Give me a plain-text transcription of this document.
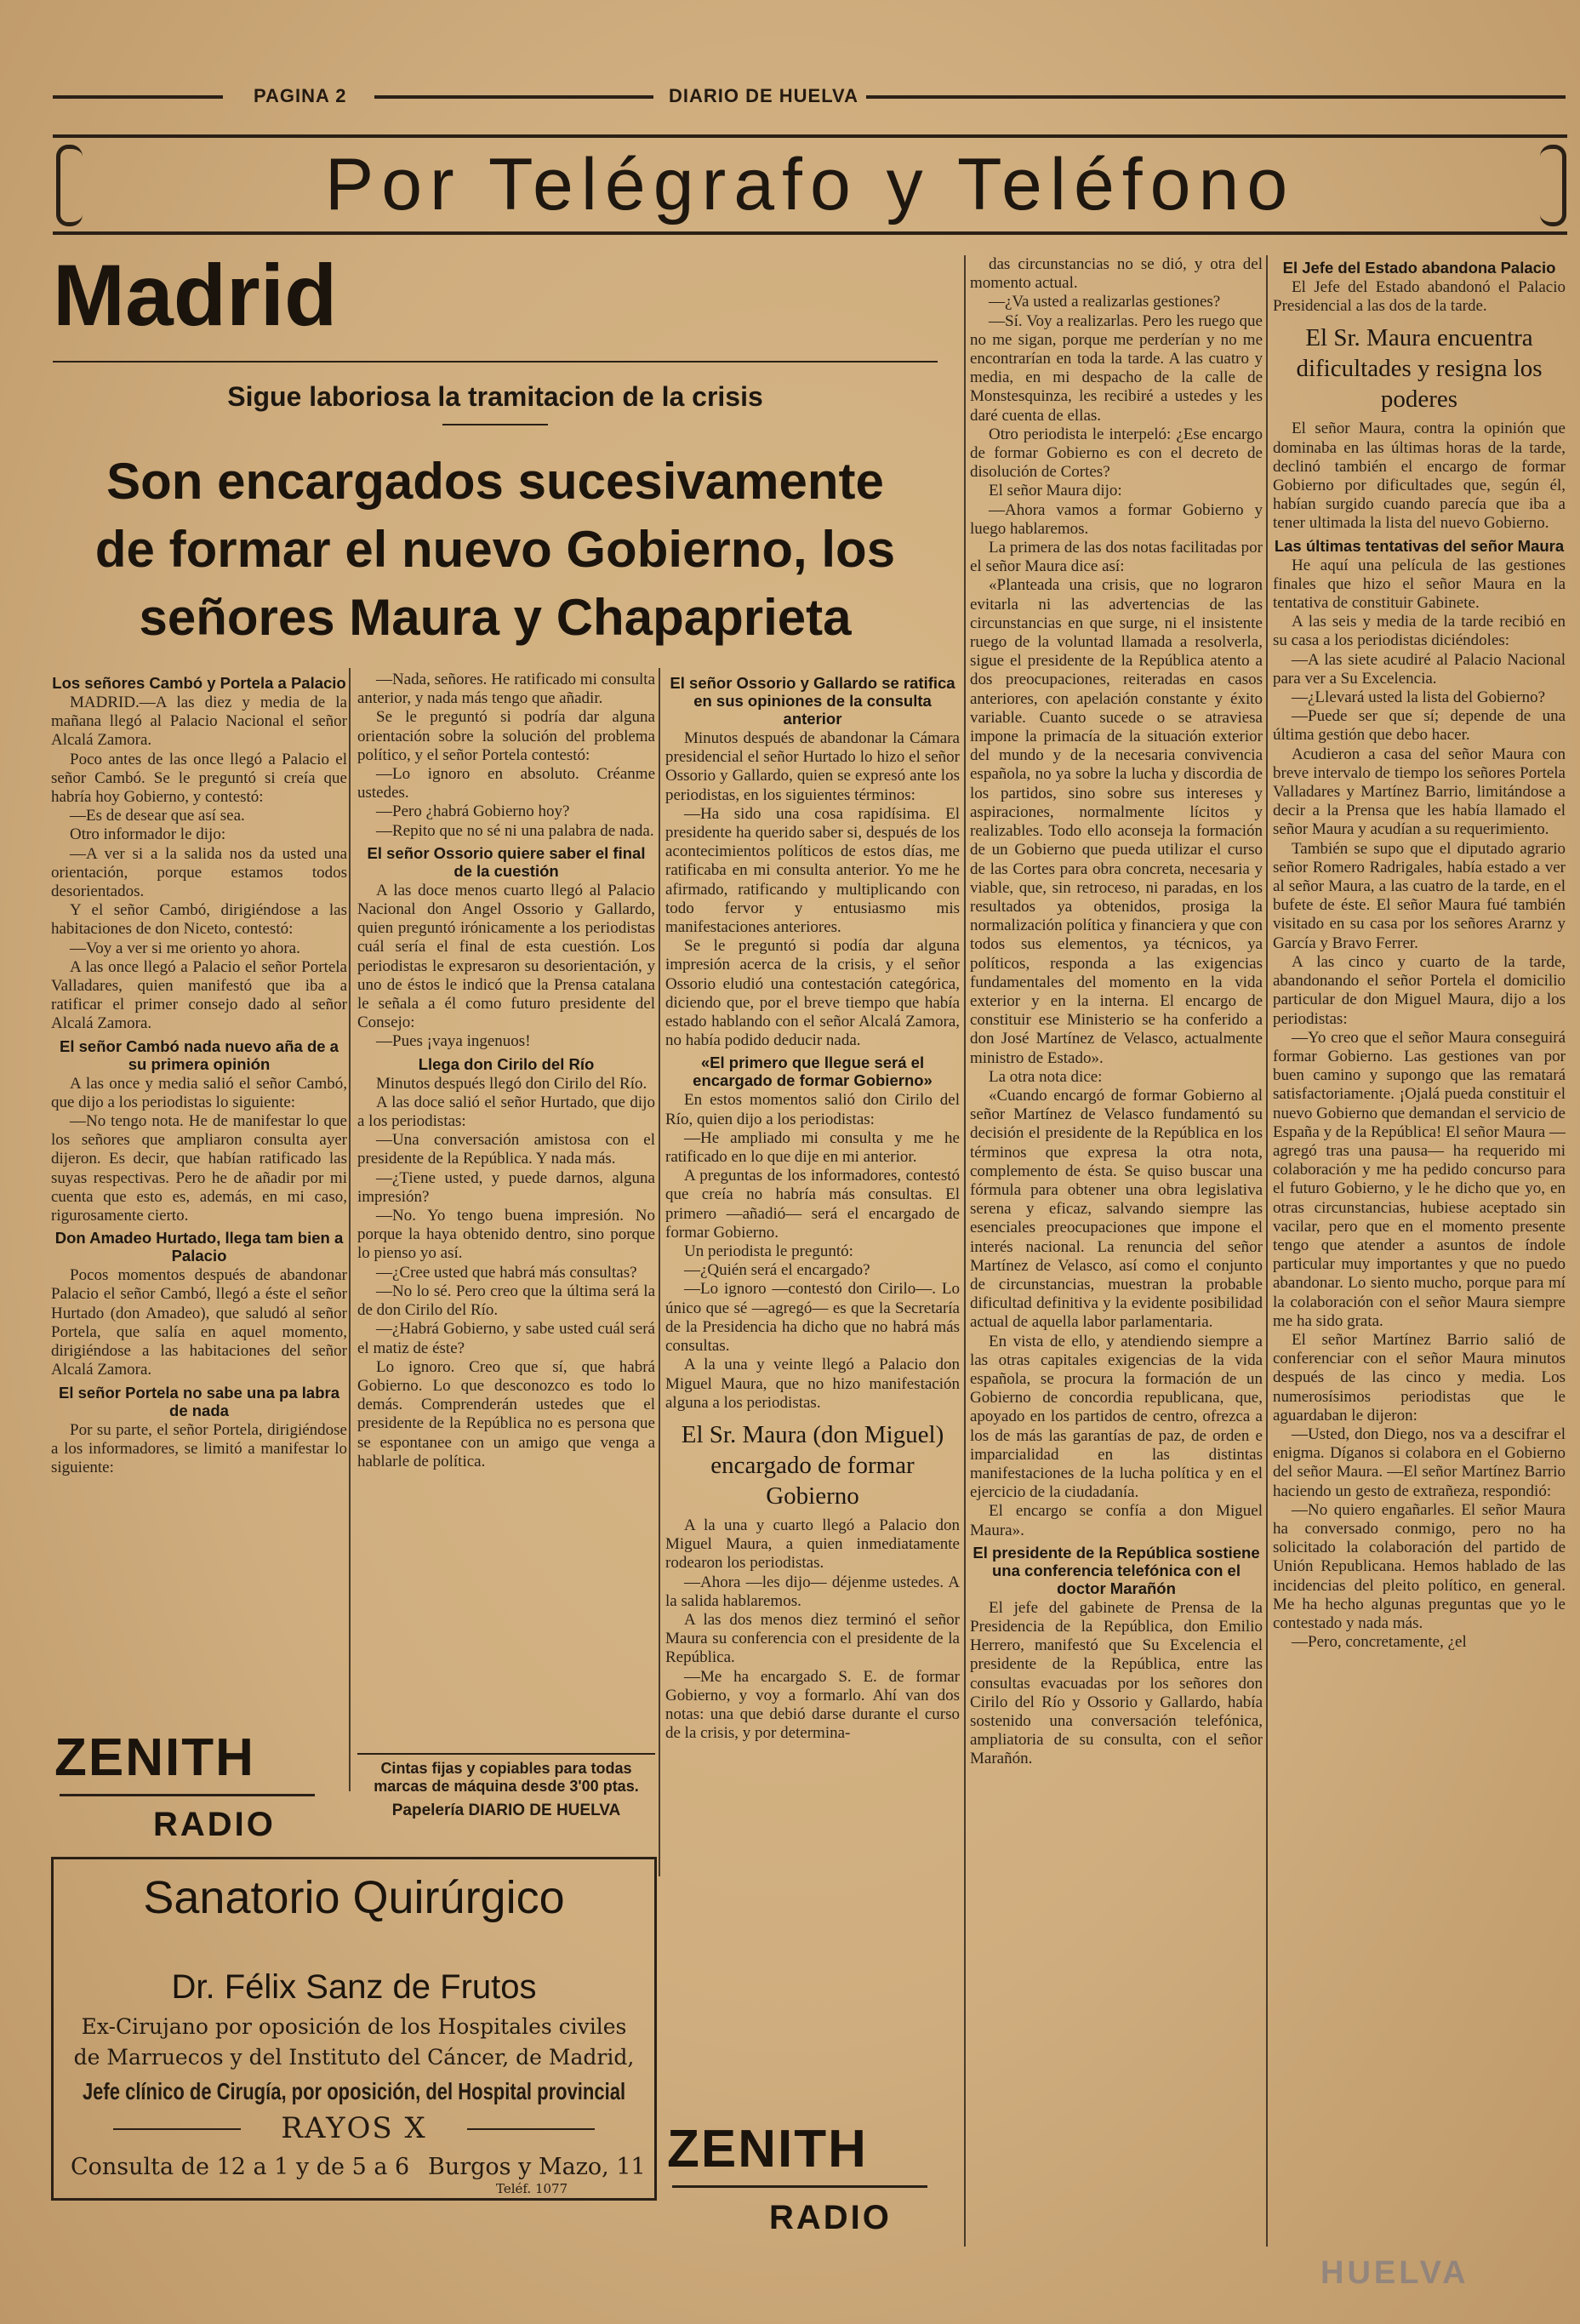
PAGINA 2	DIARIO DE HUELVA
Por Telégrafo y Teléfono
Madrid
Sigue laboriosa la tramitacion de la crisis
Son encargados sucesivamente
de formar el nuevo Gobierno, los
señores Maura y Chapaprieta
Los señores Cambó y Portela a Palacio

MADRID.—A las diez y media de la mañana llegó al Palacio Nacional el señor Alcalá Zamora.

Poco antes de las once llegó a Palacio el señor Cambó. Se le preguntó si creía que habría hoy Gobierno, y contestó:

—Es de desear que así sea.

Otro informador le dijo:

—A ver si a la salida nos da usted una orientación, porque estamos todos desorientados.

Y el señor Cambó, dirigiéndose a las habitaciones de don Niceto, contestó:

—Voy a ver si me oriento yo ahora.

A las once llegó a Palacio el señor Portela Valladares, quien manifestó que iba a ratificar el primer consejo dado al señor Alcalá Zamora.

El señor Cambó nada nuevo aña de a su primera opinión

A las once y media salió el señor Cambó, que dijo a los periodistas lo siguiente:

—No tengo nota. He de manifestar lo que los señores que ampliaron consulta ayer dijeron. Es decir, que habían ratificado las suyas respectivas. Pero he de añadir por mi cuenta que esto es, además, en mi caso, rigurosamente cierto.

Don Amadeo Hurtado, llega tam bien a Palacio

Pocos momentos después de abandonar Palacio el señor Cambó, llegó a éste el señor Hurtado (don Amadeo), que saludó al señor Portela, que salía en aquel momento, dirigiéndose a las habitaciones del señor Alcalá Zamora.

El señor Portela no sabe una pa labra de nada

Por su parte, el señor Portela, dirigiéndose a los informadores, se limitó a manifestar lo siguiente:

—Nada, señores. He ratificado mi consulta anterior, y nada más tengo que añadir.

Se le preguntó si podría dar alguna orientación sobre la solución del problema político, y el señor Portela contestó:

—Lo ignoro en absoluto. Créanme ustedes.

—Pero ¿habrá Gobierno hoy?

—Repito que no sé ni una palabra de nada.

El señor Ossorio quiere saber el final de la cuestión

A las doce menos cuarto llegó al Palacio Nacional don Angel Ossorio y Gallardo, quien preguntó irónicamente a los periodistas cuál sería el final de esta cuestión. Los periodistas le expresaron su desorientación, y uno de éstos le indicó que la Prensa catalana le señala a él como futuro presidente del Consejo:

—Pues ¡vaya ingenuos!

Llega don Cirilo del Río

Minutos después llegó don Cirilo del Río.

A las doce salió el señor Hurtado, que dijo a los periodistas:

—Una conversación amistosa con el presidente de la República. Y nada más.

—¿Tiene usted, y puede darnos, alguna impresión?

—No. Yo tengo buena impresión. No porque la haya obtenido dentro, sino porque lo pienso yo así.

—¿Cree usted que habrá más consultas?

—No lo sé. Pero creo que la última será la de don Cirilo del Río.

—¿Habrá Gobierno, y sabe usted cuál será el matiz de éste?

Lo ignoro. Creo que sí, que habrá Gobierno. Lo que desconozco es todo lo demás. Comprenderán ustedes que el presidente de la República no es persona que se espontanee con un amigo que venga a hablarle de política.

El señor Ossorio y Gallardo se ratifica en sus opiniones de la consulta anterior

Minutos después de abandonar la Cámara presidencial el señor Hurtado lo hizo el señor Ossorio y Gallardo, quien se expresó ante los periodistas, en los siguientes términos:

—Ha sido una cosa rapidísima. El presidente ha querido saber si, después de los acontecimientos políticos de estos días, me ratificaba en mi consulta anterior. Yo me he afirmado, ratificando y multiplicando con todo fervor y entusiasmo mis manifestaciones anteriores.

Se le preguntó si podía dar alguna impresión acerca de la crisis, y el señor Ossorio eludió una contestación categórica, diciendo que, por el breve tiempo que había estado hablando con el señor Alcalá Zamora, no había podido deducir nada.

«El primero que llegue será el encargado de formar Gobierno»

En estos momentos salió don Cirilo del Río, quien dijo a los periodistas:

—He ampliado mi consulta y me he ratificado en lo que dije en mi anterior.

A preguntas de los informadores, contestó que creía no habría más consultas. El primero —añadió— será el encargado de formar Gobierno.

Un periodista le preguntó:

—¿Quién será el encargado?

—Lo ignoro —contestó don Cirilo—. Lo único que sé —agregó— es que la Secretaría de la Presidencia ha dicho que no habrá más consultas.

A la una y veinte llegó a Palacio don Miguel Maura, que no hizo manifestación alguna a los periodistas.

El Sr. Maura (don Miguel) encargado de formar Gobierno

A la una y cuarto llegó a Palacio don Miguel Maura, a quien inmediatamente rodearon los periodistas.

—Ahora —les dijo— déjenme ustedes. A la salida hablaremos.

A las dos menos diez terminó el señor Maura su conferencia con el presidente de la República.

—Me ha encargado S. E. de formar Gobierno, y voy a formarlo. Ahí van dos notas: una que debió darse durante el curso de la crisis, y por determina-

das circunstancias no se dió, y otra del momento actual.

—¿Va usted a realizarlas gestiones?

—Sí. Voy a realizarlas. Pero les ruego que no me sigan, porque me perderían y no me encontrarían en toda la tarde. A las cuatro y media, en mi despacho de la calle de Monstesquinza, les recibiré a ustedes y les daré cuenta de ellas.

Otro periodista le interpeló: ¿Ese encargo de formar Gobierno es con el decreto de disolución de Cortes?

El señor Maura dijo:

—Ahora vamos a formar Gobierno y luego hablaremos.

La primera de las dos notas facilitadas por el señor Maura dice así:

«Planteada una crisis, que no lograron evitarla ni las advertencias de las circunstancias en que surge, ni el insistente ruego de la voluntad llamada a resolverla, sigue el presidente de la República atento a dos preocupaciones, reiteradas en casos anteriores, con apelación constante y éxito variable. Cuanto sucede o se atraviesa impone la primacía de la situación exterior del mundo y de la necesaria convivencia española, no ya sobre la lucha y discordia de los partidos, sino sobre sus intereses y aspiraciones, normalmente lícitos y realizables. Todo ello aconseja la formación de un Gobierno que pueda utilizar el curso de las Cortes para obra concreta, necesaria y viable, que, sin retroceso, ni paradas, en los resultados ya obtenidos, prosiga la normalización política y financiera y que con todos sus elementos, ya técnicos, ya políticos, responda a las exigencias fundamentales del momento en la vida exterior y en la interna. El encargo de constituir ese Ministerio se ha conferido a don José Martínez de Velasco, actualmente ministro de Estado».

La otra nota dice:

«Cuando encargó de formar Gobierno al señor Martínez de Velasco fundamentó su decisión el presidente de la República en los términos que expresa la otra nota, complemento de ésta. Se quiso buscar una fórmula para obtener una obra legislativa serena y eficaz, salvando siempre las esenciales preocupaciones que impone el interés nacional. La renuncia del señor Martínez de Velasco, así como el conjunto de circunstancias, muestran la probable dificultad definitiva y la evidente posibilidad actual de aquella labor parlamentaria.

En vista de ello, y atendiendo siempre a las otras capitales exigencias de la vida española, se procura la formación de un Gobierno de concordia republicana, que, apoyado en los partidos de centro, ofrezca a los de más las garantías de paz, de orden e imparcialidad en las distintas manifestaciones de la lucha política y en el ejercicio de la ciudadanía.

El encargo se confía a don Miguel Maura».

El presidente de la República sostiene una conferencia telefónica con el doctor Marañón

El jefe del gabinete de Prensa de la Presidencia de la República, don Emilio Herrero, manifestó que Su Excelencia el presidente de la República, entre las consultas evacuadas por los señores don Cirilo del Río y Ossorio y Gallardo, había sostenido una conversación telefónica, ampliatoria de su consulta, con el señor Marañón.

El Jefe del Estado abandona Palacio

El Jefe del Estado abandonó el Palacio Presidencial a las dos de la tarde.

El Sr. Maura encuentra dificultades y resigna los poderes

El señor Maura, contra la opinión que dominaba en las últimas horas de la tarde, declinó también el encargo de formar Gobierno por dificultades que, según él, habían surgido cuando parecía que iba a tener ultimada la lista del nuevo Gobierno.

Las últimas tentativas del señor Maura

He aquí una película de las gestiones finales que hizo el señor Maura en la tentativa de constituir Gabinete.

A las seis y media de la tarde recibió en su casa a los periodistas diciéndoles:

—A las siete acudiré al Palacio Nacional para ver a Su Excelencia.

—¿Llevará usted la lista del Gobierno?

—Puede ser que sí; depende de una última gestión que debo hacer.

Acudieron a casa del señor Maura con breve intervalo de tiempo los señores Portela Valladares y Martínez Barrio, limitándose a decir a la Prensa que les había llamado el señor Maura y acudían a su requerimiento.

También se supo que el diputado agrario señor Romero Radrigales, había estado a ver al señor Maura, a las cuatro de la tarde, en el bufete de éste. El señor Maura fué también visitado en su casa por los señores Ararnz y García y Bravo Ferrer.

A las cinco y cuarto de la tarde, abandonando el señor Portela el domicilio particular de don Miguel Maura, dijo a los periodistas:

—Yo creo que el señor Maura conseguirá formar Gobierno. Las gestiones van por buen camino y supongo que las rematará satisfactoriamente. ¡Ojalá pueda constituir el nuevo Gobierno que demandan el servicio de España y de la República! El señor Maura —agregó tras una pausa— ha requerido mi colaboración y me ha pedido concurso para el futuro Gobierno, y le he dicho que yo, en otras circunstancias, hubiese aceptado sin vacilar, pero que en el momento presente tengo que atender a asuntos de índole particular muy importantes y que no puedo abandonar. Lo siento mucho, porque para mí la colaboración con el señor Maura siempre me ha sido grata.

El señor Martínez Barrio salió de conferenciar con el señor Maura minutos después de las cinco y media. Los numerosísimos periodistas que le aguardaban le dijeron:

—Usted, don Diego, nos va a descifrar el enigma. Díganos si colabora en el Gobierno del señor Maura. —El señor Martínez Barrio haciendo un gesto de extrañeza, respondió:

—No quiero engañarles. El señor Maura ha conversado conmigo, pero no ha solicitado la colaboración del partido de Unión Republicana. Hemos hablado de las incidencias del pleito político, en general. Me ha hecho algunas preguntas que yo le contestado y nada más.

—Pero, concretamente, ¿el

Cintas fijas y copiables para todas marcas de máquina desde 3'00 ptas.
Papelería DIARIO DE HUELVA
ZENITH
RADIO
Sanatorio Quirúrgico
Dr. Félix Sanz de Frutos
Ex-Cirujano por oposición de los Hospitales civiles
de Marruecos y del Instituto del Cáncer, de Madrid,
Jefe clínico de Cirugía, por oposición, del Hospital provincial
RAYOS X
Consulta de 12 a 1 y de 5 a 6 Burgos y Mazo, 11
Teléf. 1077
ZENITH
RADIO
HUELVA
